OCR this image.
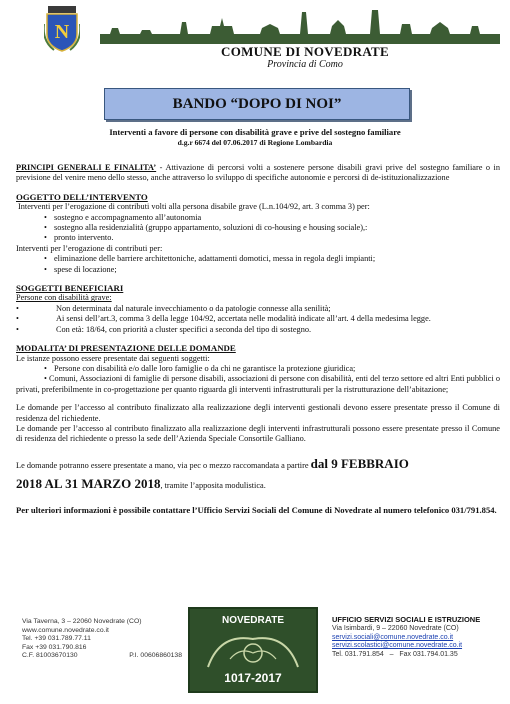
N
COMUNE DI NOVEDRATE
Provincia di Como
BANDO “DOPO DI NOI”
Interventi a favore di persone con disabilità grave e prive del sostegno familiare
d.g.r 6674 del 07.06.2017 di Regione Lombardia

PRINCIPI GENERALI E FINALITA’ - Attivazione di percorsi volti a sostenere persone disabili gravi prive del sostegno familiare o in previsione del venire meno dello stesso, anche attraverso lo sviluppo di specifiche autonomie e percorsi di de-istituzionalizzazione

OGGETTO DELL’INTERVENTO

Interventi per l’erogazione di contributi volti alla persona disabile grave (L.n.104/92, art. 3 comma 3) per:

• sostegno e accompagnamento all’autonomia
• sostegno alla residenzialità (gruppo appartamento, soluzioni di co-housing e housing sociale),:
• pronto intervento.

Interventi per l’erogazione di contributi per:

• eliminazione delle barriere architettoniche, adattamenti domotici, messa in regola degli impianti;
• spese di locazione;

SOGGETTI BENEFICIARI

Persone con disabilità grave:

•	Non determinata dal naturale invecchiamento o da patologie connesse alla senilità;
•	Ai sensi dell’art.3, comma 3 della legge 104/92, accertata nelle modalità indicate all’art. 4 della medesima legge.
•	Con età: 18/64, con priorità a cluster specifici a seconda del tipo di sostegno.

MODALITA’ DI PRESENTAZIONE DELLE DOMANDE

Le istanze possono essere presentate dai seguenti soggetti:

• Persone con disabilità e/o dalle loro famiglie o da chi ne garantisce la protezione giuridica;
• Comuni, Associazioni di famiglie di persone disabili, associazioni di persone con disabilità, enti del terzo settore ed altri Enti pubblici o privati, preferibilmente in co-progettazione per quanto riguarda gli interventi infrastrutturali per la ristrutturazione dell’abitazione;

Le domande per l’accesso al contributo finalizzato alla realizzazione degli interventi gestionali devono essere presentate presso il Comune di residenza del richiedente.

Le domande per l’accesso al contributo finalizzato alla realizzazione degli interventi infrastrutturali possono essere presentate presso il Comune di residenza del richiedente o presso la sede dell’Azienda Speciale Consortile Galliano.

Le domande potranno essere presentate a mano, via pec o mezzo raccomandata a partire dal 9 FEBBRAIO
2018 AL 31 MARZO 2018, tramite l’apposita modulistica.

Per ulteriori informazioni è possibile contattare l’Ufficio Servizi Sociali del Comune di Novedrate al numero telefonico 031/791.854.

Via Taverna, 3 – 22060 Novedrate (CO)
www.comune.novedrate.co.it
Tel. +39 031.789.77.11
Fax +39 031.790.816
C.F. 81003670130	P.I. 00606860138
NOVEDRATE
1017-2017
UFFICIO SERVIZI SOCIALI E ISTRUZIONE
Via Isimbardi, 9 – 22060 Novedrate (CO)
servizi.sociali@comune.novedrate.co.it
servizi.scolastici@comune.novedrate.co.it
Tel. 031.791.854   –   Fax 031.794.01.35
